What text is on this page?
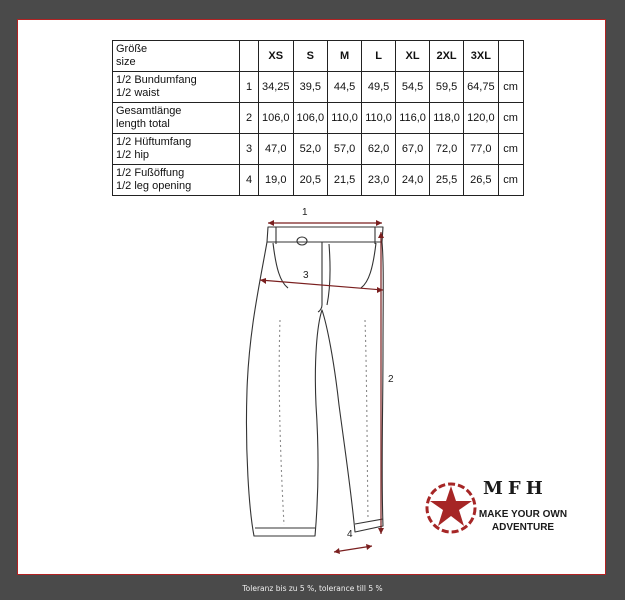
Größe
size		XS	S	M	L	XL	2XL	3XL	

1/2 Bundumfang
1/2 waist	1	34,25	39,5	44,5	49,5	54,5	59,5	64,75	cm

Gesamtlänge
length total	2	106,0	106,0	110,0	110,0	116,0	118,0	120,0	cm

1/2 Hüftumfang
1/2 hip	3	47,0	52,0	57,0	62,0	67,0	72,0	77,0	cm

1/2 Fußöffung
1/2 leg opening	4	19,0	20,5	21,5	23,0	24,0	25,5	26,5	cm
1
3
2
4
MFH
MAKE YOUR OWN
ADVENTURE
Toleranz bis zu 5 %, tolerance till 5 %
